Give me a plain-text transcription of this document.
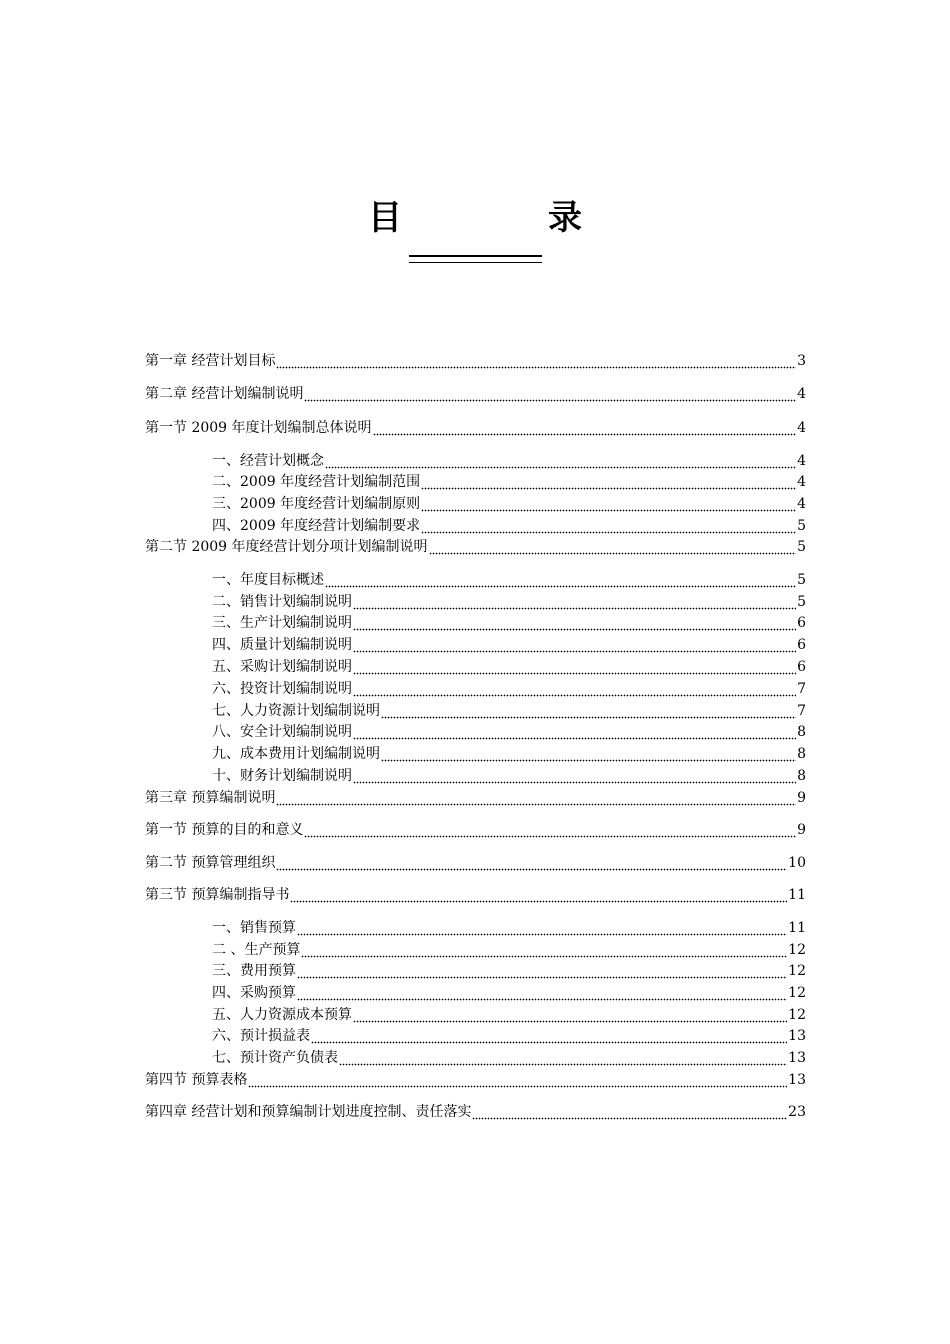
目　录
第一章 经营计划目标	3
第二章 经营计划编制说明	4
第一节 2009 年度计划编制总体说明	4
一、经营计划概念	4
二、2009 年度经营计划编制范围	4
三、2009 年度经营计划编制原则	4
四、2009 年度经营计划编制要求	5
第二节 2009 年度经营计划分项计划编制说明	5
一、年度目标概述	5
二、销售计划编制说明	5
三、生产计划编制说明	6
四、质量计划编制说明	6
五、采购计划编制说明	6
六、投资计划编制说明	7
七、人力资源计划编制说明	7
八、安全计划编制说明	8
九、成本费用计划编制说明	8
十、财务计划编制说明	8
第三章 预算编制说明	9
第一节 预算的目的和意义	9
第二节 预算管理组织	10
第三节 预算编制指导书	11
一、销售预算	11
二 、生产预算	12
三、费用预算	12
四、采购预算	12
五、人力资源成本预算	12
六、预计损益表	13
七、预计资产负债表	13
第四节 预算表格	13
第四章 经营计划和预算编制计划进度控制、责任落实	23
